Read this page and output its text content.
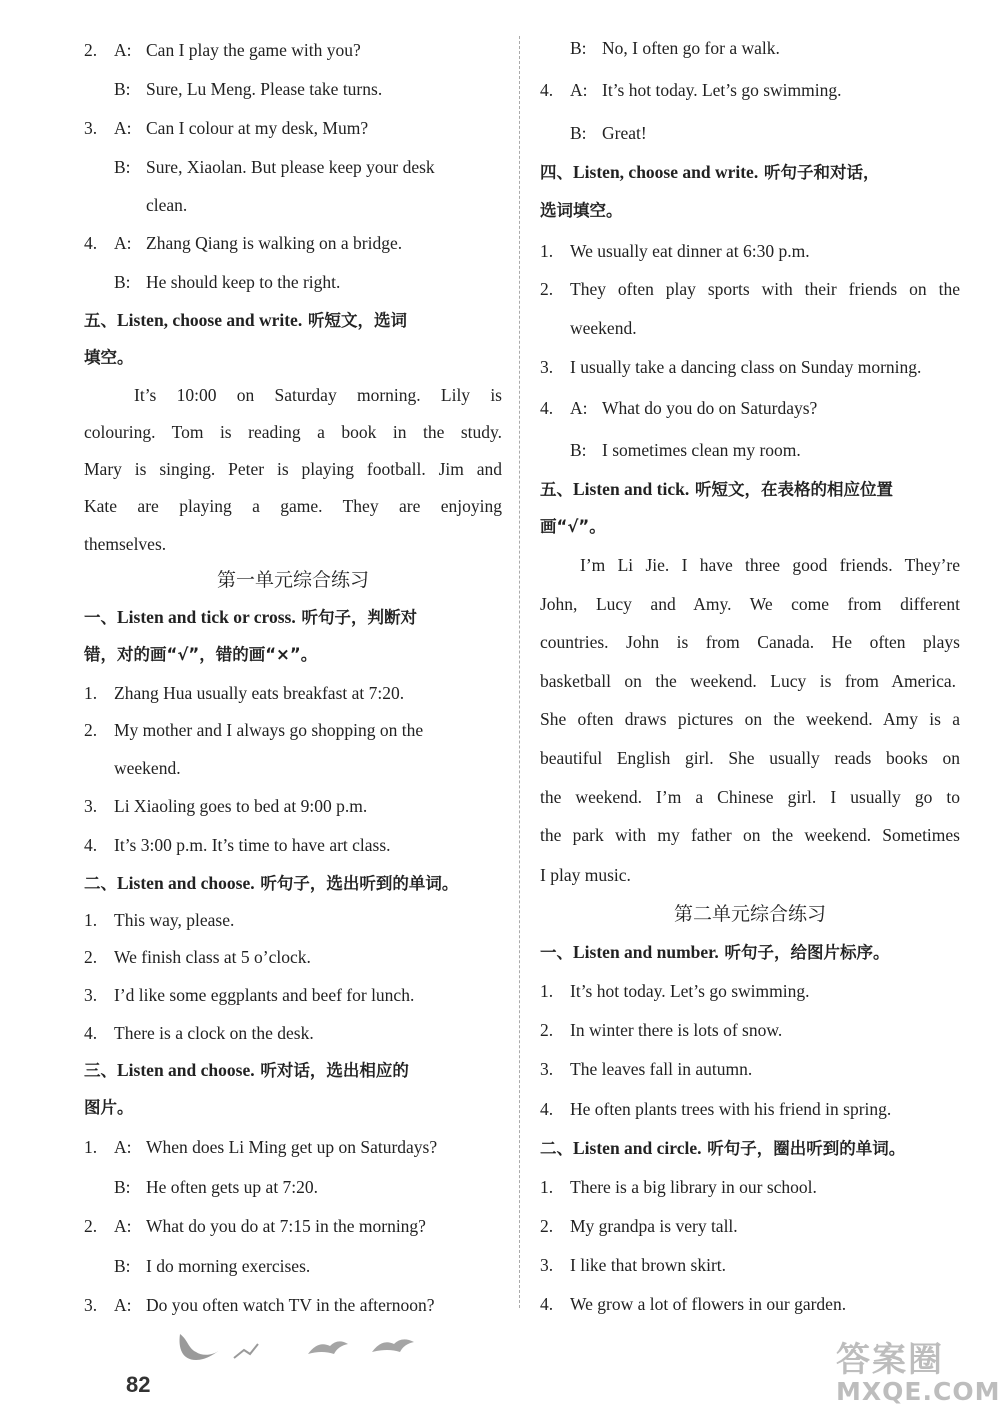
2. A: Can I play the game with you?
B: Sure, Lu Meng. Please take turns.
3. A: Can I colour at my desk, Mum?
B: Sure, Xiaolan. But please keep your desk
clean.
4. A: Zhang Qiang is walking on a bridge.
B: He should keep to the right.
五、Listen, choose and write. 听短文，选词
填空。
It’s 10:00 on Saturday morning. Lily is
colouring. Tom is reading a book in the study.
Mary is singing. Peter is playing football. Jim and
Kate are playing a game. They are enjoying
themselves.
第一单元综合练习
一、Listen and tick or cross. 听句子，判断对
错，对的画“√”，错的画“×”。
1. Zhang Hua usually eats breakfast at 7:20.
2. My mother and I always go shopping on the
weekend.
3. Li Xiaoling goes to bed at 9:00 p.m.
4. It’s 3:00 p.m. It’s time to have art class.
二、Listen and choose. 听句子，选出听到的单词。
1. This way, please.
2. We finish class at 5 o’clock.
3. I’d like some eggplants and beef for lunch.
4. There is a clock on the desk.
三、Listen and choose. 听对话，选出相应的
图片。
1. A: When does Li Ming get up on Saturdays?
B: He often gets up at 7:20.
2. A: What do you do at 7:15 in the morning?
B: I do morning exercises.
3. A: Do you often watch TV in the afternoon?
B: No, I often go for a walk.
4. A: It’s hot today. Let’s go swimming.
B: Great!
四、Listen, choose and write. 听句子和对话，
选词填空。
1. We usually eat dinner at 6:30 p.m.
2. They often play sports with their friends on the
weekend.
3. I usually take a dancing class on Sunday morning.
4. A: What do you do on Saturdays?
B: I sometimes clean my room.
五、Listen and tick. 听短文，在表格的相应位置
画“√”。
I’m Li Jie. I have three good friends. They’re
John, Lucy and Amy. We come from different
countries. John is from Canada. He often plays
basketball on the weekend. Lucy is from America.
She often draws pictures on the weekend. Amy is a
beautiful English girl. She usually reads books on
the weekend. I’m a Chinese girl. I usually go to
the park with my father on the weekend. Sometimes
I play music.
第二单元综合练习
一、Listen and number. 听句子，给图片标序。
1. It’s hot today. Let’s go swimming.
2. In winter there is lots of snow.
3. The leaves fall in autumn.
4. He often plants trees with his friend in spring.
二、Listen and circle. 听句子，圈出听到的单词。
1. There is a big library in our school.
2. My grandpa is very tall.
3. I like that brown skirt.
4. We grow a lot of flowers in our garden.
82
答案圈
MXQE.COM
